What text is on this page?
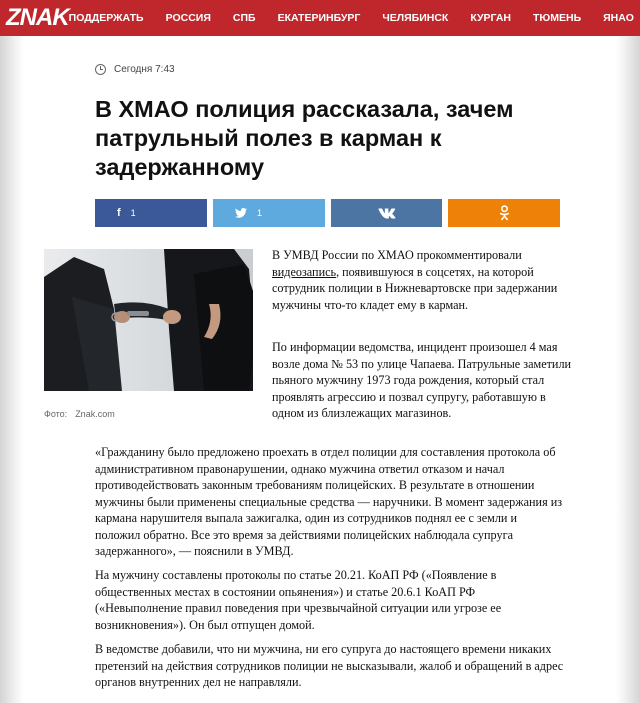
ZNAK ПОДДЕРЖАТЬ РОССИЯ СПБ ЕКАТЕРИНБУРГ ЧЕЛЯБИНСК КУРГАН ТЮМЕНЬ ЯНАО
Сегодня 7:43
В ХМАО полиция рассказала, зачем патрульный полез в карман к задержанному
f 1	1
Фото: Znak.com

В УМВД России по ХМАО прокомментировали видеозапись, появившуюся в соцсетях, на которой сотрудник полиции в Нижневартовске при задержании мужчины что-то кладет ему в карман.

По информации ведомства, инцидент произошел 4 мая возле дома № 53 по улице Чапаева. Патрульные заметили пьяного мужчину 1973 года рождения, который стал проявлять агрессию и позвал супругу, работавшую в одном из близлежащих магазинов.

«Гражданину было предложено проехать в отдел полиции для составления протокола об административном правонарушении, однако мужчина ответил отказом и начал противодействовать законным требованиям полицейских. В результате в отношении мужчины были применены специальные средства — наручники. В момент задержания из кармана нарушителя выпала зажигалка, один из сотрудников поднял ее с земли и положил обратно. Все это время за действиями полицейских наблюдала супруга задержанного», — пояснили в УМВД.

На мужчину составлены протоколы по статье 20.21. КоАП РФ («Появление в общественных местах в состоянии опьянения») и статье 20.6.1 КоАП РФ («Невыполнение правил поведения при чрезвычайной ситуации или угрозе ее возникновения»). Он был отпущен домой.

В ведомстве добавили, что ни мужчина, ни его супруга до настоящего времени никаких претензий на действия сотрудников полиции не высказывали, жалоб и обращений в адрес органов внутренних дел не направляли.
